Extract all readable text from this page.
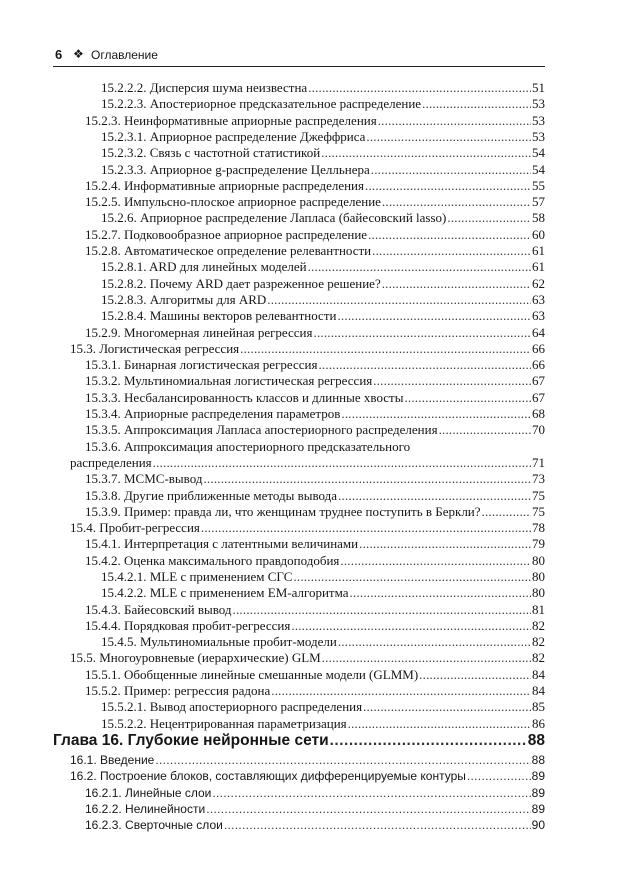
6 ❖ Оглавление
15.2.2.2. Дисперсия шума неизвестна .....	51
15.2.2.3. Апостериорное предсказательное распределение .....	53
15.2.3. Неинформативные априорные распределения .....	53
15.2.3.1. Априорное распределение Джеффриса .....	53
15.2.3.2. Связь с частотной статистикой .....	54
15.2.3.3. Априорное g-распределение Целльнера .....	54
15.2.4. Информативные априорные распределения .....	55
15.2.5. Импульсно-плоское априорное распределение .....	57
15.2.6. Априорное распределение Лапласа (байесовский lasso) .....	58
15.2.7. Подковообразное априорное распределение .....	60
15.2.8. Автоматическое определение релевантности .....	61
15.2.8.1. ARD для линейных моделей .....	61
15.2.8.2. Почему ARD дает разреженное решение? .....	62
15.2.8.3. Алгоритмы для ARD .....	63
15.2.8.4. Машины векторов релевантности .....	63
15.2.9. Многомерная линейная регрессия .....	64
15.3. Логистическая регрессия .....	66
15.3.1. Бинарная логистическая регрессия .....	66
15.3.2. Мультиномиальная логистическая регрессия .....	67
15.3.3. Несбалансированность классов и длинные хвосты .....	67
15.3.4. Априорные распределения параметров .....	68
15.3.5. Аппроксимация Лапласа апостериорного распределения .....	70
15.3.6. Аппроксимация апостериорного предсказательного
распределения .....	71
15.3.7. MCMC-вывод .....	73
15.3.8. Другие приближенные методы вывода .....	75
15.3.9. Пример: правда ли, что женщинам труднее поступить в Беркли? .....	75
15.4. Пробит-регрессия .....	78
15.4.1. Интерпретация с латентными величинами .....	79
15.4.2. Оценка максимального правдоподобия .....	80
15.4.2.1. MLE с применением СГС .....	80
15.4.2.2. MLE с применением EM-алгоритма .....	80
15.4.3. Байесовский вывод .....	81
15.4.4. Порядковая пробит-регрессия .....	82
15.4.5. Мультиномиальные пробит-модели .....	82
15.5. Многоуровневые (иерархические) GLM .....	82
15.5.1. Обобщенные линейные смешанные модели (GLMM) .....	84
15.5.2. Пример: регрессия радона .....	84
15.5.2.1. Вывод апостериорного распределения .....	85
15.5.2.2. Нецентрированная параметризация .....	86
Глава 16. Глубокие нейронные сети .....	88
16.1. Введение .....	88
16.2. Построение блоков, составляющих дифференцируемые контуры .....	89
16.2.1. Линейные слои .....	89
16.2.2. Нелинейности .....	89
16.2.3. Сверточные слои .....	90
